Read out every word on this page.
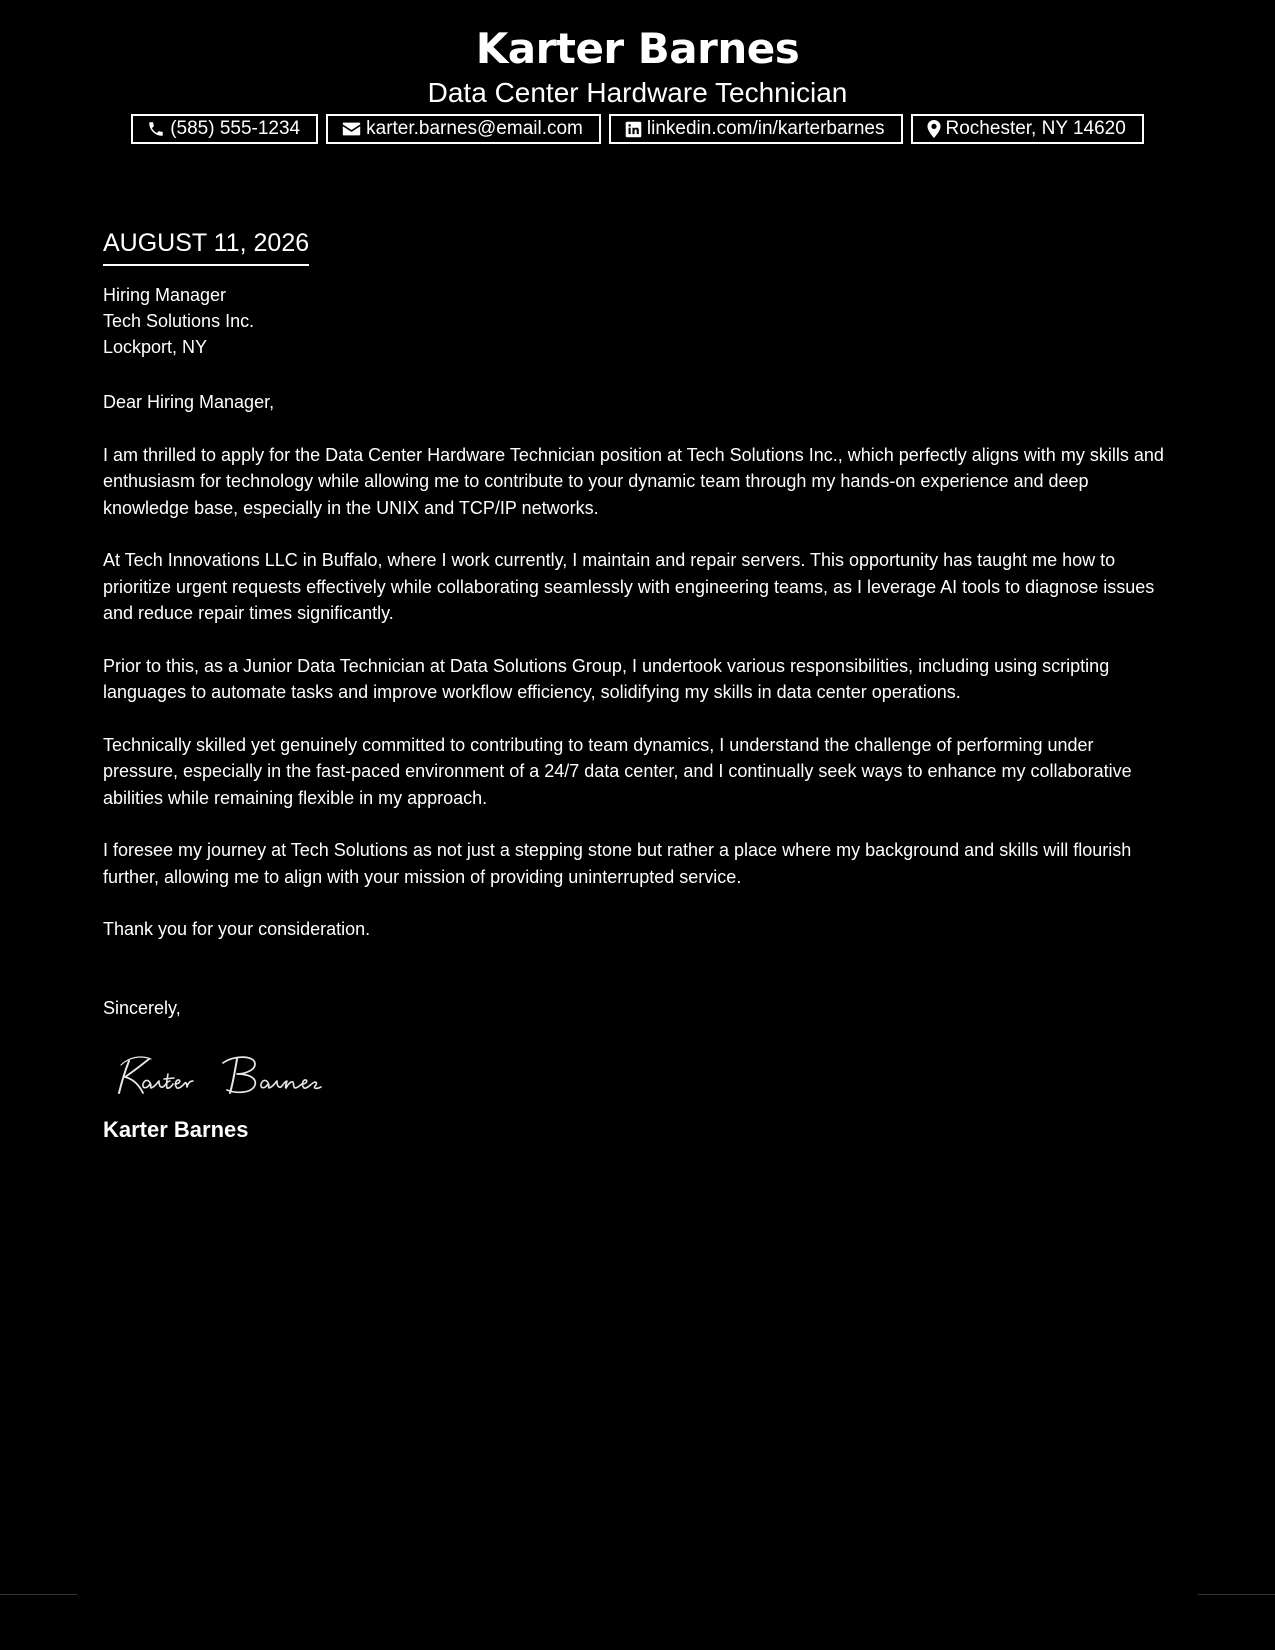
Karter Barnes

Data Center Hardware Technician

(585) 555-1234	karter.barnes@email.com	linkedin.com/in/karterbarnes	Rochester, NY 14620
AUGUST 11, 2026
Hiring Manager
Tech Solutions Inc.
Lockport, NY
Dear Hiring Manager,

I am thrilled to apply for the Data Center Hardware Technician position at Tech Solutions Inc., which perfectly aligns with my skills and enthusiasm for technology while allowing me to contribute to your dynamic team through my hands-on experience and deep knowledge base, especially in the UNIX and TCP/IP networks.

At Tech Innovations LLC in Buffalo, where I work currently, I maintain and repair servers. This opportunity has taught me how to prioritize urgent requests effectively while collaborating seamlessly with engineering teams, as I leverage AI tools to diagnose issues and reduce repair times significantly.

Prior to this, as a Junior Data Technician at Data Solutions Group, I undertook various responsibilities, including using scripting languages to automate tasks and improve workflow efficiency, solidifying my skills in data center operations.

Technically skilled yet genuinely committed to contributing to team dynamics, I understand the challenge of performing under pressure, especially in the fast-paced environment of a 24/7 data center, and I continually seek ways to enhance my collaborative abilities while remaining flexible in my approach.

I foresee my journey at Tech Solutions as not just a stepping stone but rather a place where my background and skills will flourish further, allowing me to align with your mission of providing uninterrupted service.

Thank you for your consideration.

Sincerely,
Karter Barnes
